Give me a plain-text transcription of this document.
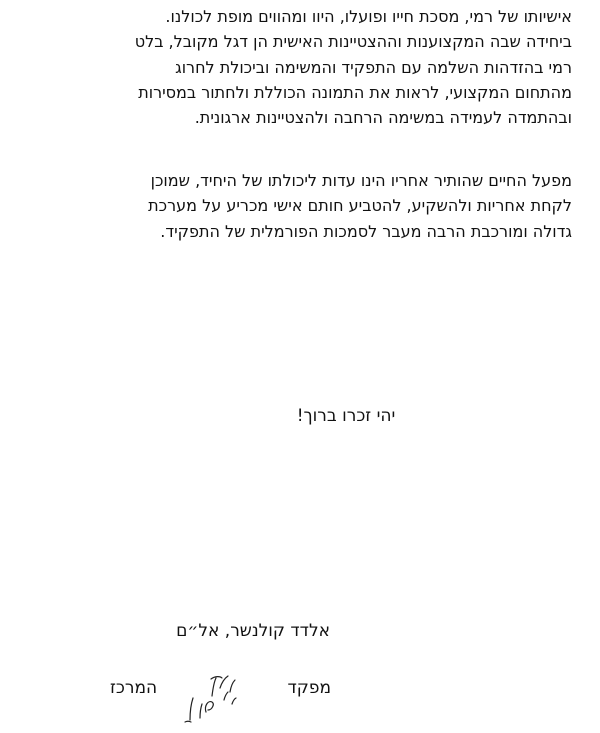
אישיותו של רמי, מסכת חייו ופועלו, היוו ומהווים מופת לכולנו.
ביחידה שבה המקצוענות וההצטיינות האישית הן דגל מקובל, בלט
רמי בהזדהות השלמה עם התפקיד והמשימה וביכולת לחרוג
מהתחום המקצועי, לראות את התמונה הכוללת ולחתור במסירות
ובהתמדה לעמידה במשימה הרחבה ולהצטיינות ארגונית.
מפעל החיים שהותיר אחריו הינו עדות ליכולתו של היחיד, שמוכן
לקחת אחריות ולהשקיע, להטביע חותם אישי מכריע על מערכת
גדולה ומורכבת הרבה מעבר לסמכות הפורמלית של התפקיד.
יהי זכרו ברוך!
אלדד קולנשר, אל״ם
מפקד
המרכז
